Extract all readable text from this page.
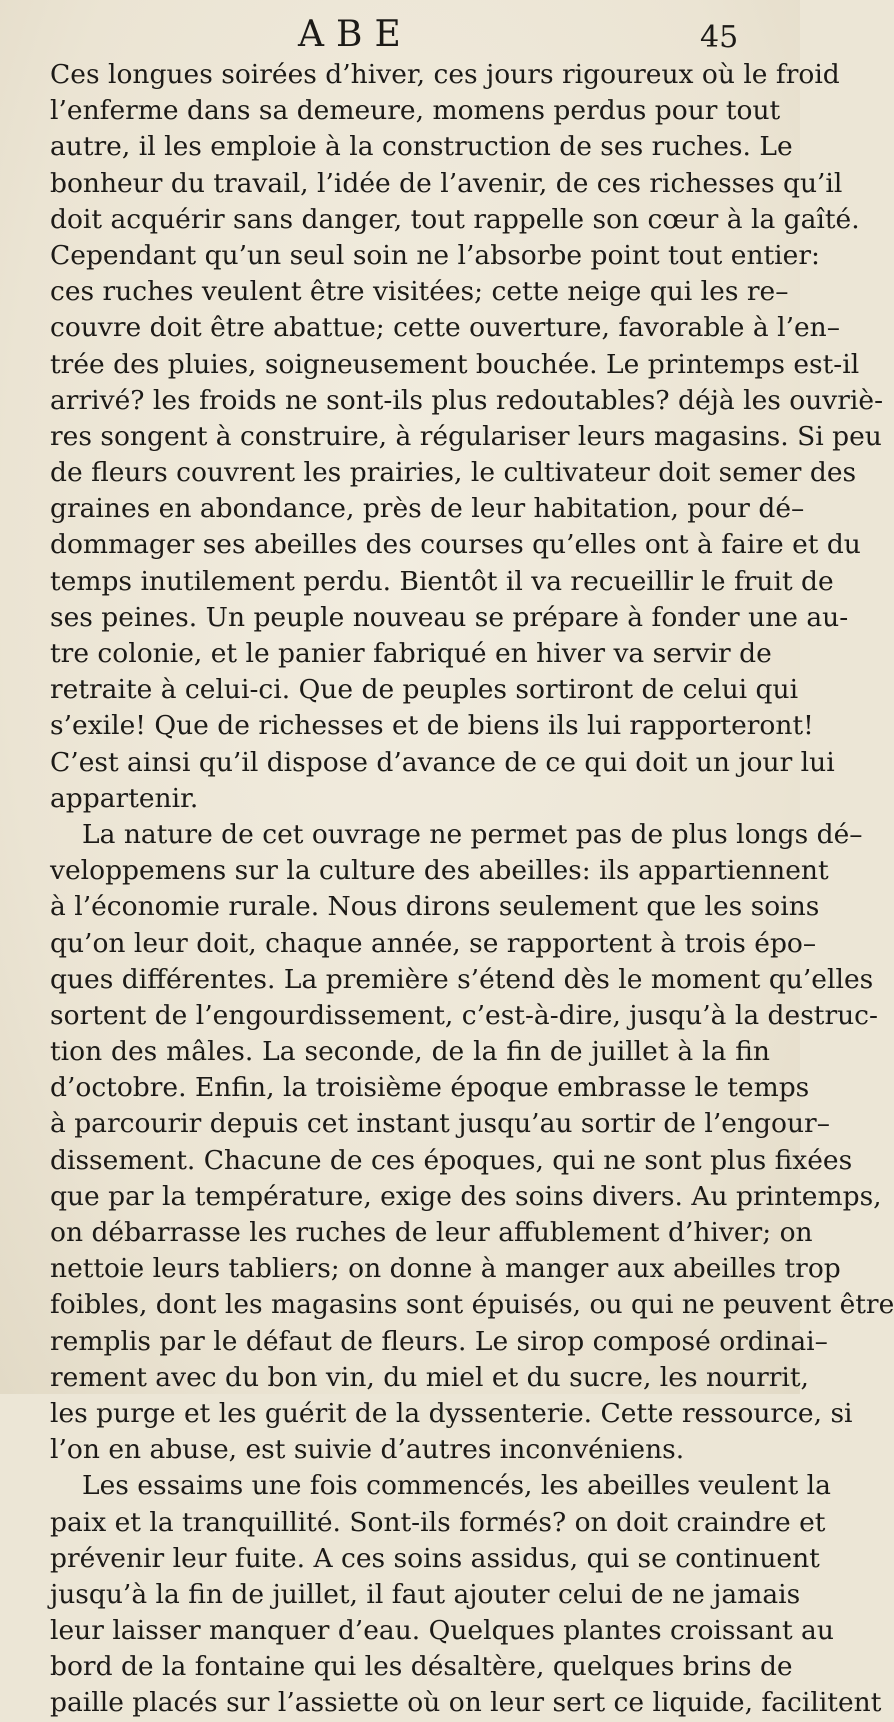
ABE	45
Ces longues soirées d’hiver, ces jours rigoureux où le froid
l’enferme dans sa demeure, momens perdus pour tout
autre, il les emploie à la construction de ses ruches. Le
bonheur du travail, l’idée de l’avenir, de ces richesses qu’il
doit acquérir sans danger, tout rappelle son cœur à la gaîté.
Cependant qu’un seul soin ne l’absorbe point tout entier:
ces ruches veulent être visitées; cette neige qui les re–
couvre doit être abattue; cette ouverture, favorable à l’en–
trée des pluies, soigneusement bouchée. Le printemps est-il
arrivé? les froids ne sont-ils plus redoutables? déjà les ouvriè-
res songent à construire, à régulariser leurs magasins. Si peu
de fleurs couvrent les prairies, le cultivateur doit semer des
graines en abondance, près de leur habitation, pour dé–
dommager ses abeilles des courses qu’elles ont à faire et du
temps inutilement perdu. Bientôt il va recueillir le fruit de
ses peines. Un peuple nouveau se prépare à fonder une au-
tre colonie, et le panier fabriqué en hiver va servir de
retraite à celui-ci. Que de peuples sortiront de celui qui
s’exile! Que de richesses et de biens ils lui rapporteront!
C’est ainsi qu’il dispose d’avance de ce qui doit un jour lui
appartenir.
La nature de cet ouvrage ne permet pas de plus longs dé–
veloppemens sur la culture des abeilles: ils appartiennent
à l’économie rurale. Nous dirons seulement que les soins
qu’on leur doit, chaque année, se rapportent à trois épo–
ques différentes. La première s’étend dès le moment qu’elles
sortent de l’engourdissement, c’est-à-dire, jusqu’à la destruc-
tion des mâles. La seconde, de la fin de juillet à la fin
d’octobre. Enfin, la troisième époque embrasse le temps
à parcourir depuis cet instant jusqu’au sortir de l’engour–
dissement. Chacune de ces époques, qui ne sont plus fixées
que par la température, exige des soins divers. Au printemps,
on débarrasse les ruches de leur affublement d’hiver; on
nettoie leurs tabliers; on donne à manger aux abeilles trop
foibles, dont les magasins sont épuisés, ou qui ne peuvent être
remplis par le défaut de fleurs. Le sirop composé ordinai–
rement avec du bon vin, du miel et du sucre, les nourrit,
les purge et les guérit de la dyssenterie. Cette ressource, si
l’on en abuse, est suivie d’autres inconvéniens.
Les essaims une fois commencés, les abeilles veulent la
paix et la tranquillité. Sont-ils formés? on doit craindre et
prévenir leur fuite. A ces soins assidus, qui se continuent
jusqu’à la fin de juillet, il faut ajouter celui de ne jamais
leur laisser manquer d’eau. Quelques plantes croissant au
bord de la fontaine qui les désaltère, quelques brins de
paille placés sur l’assiette où on leur sert ce liquide, facilitent
